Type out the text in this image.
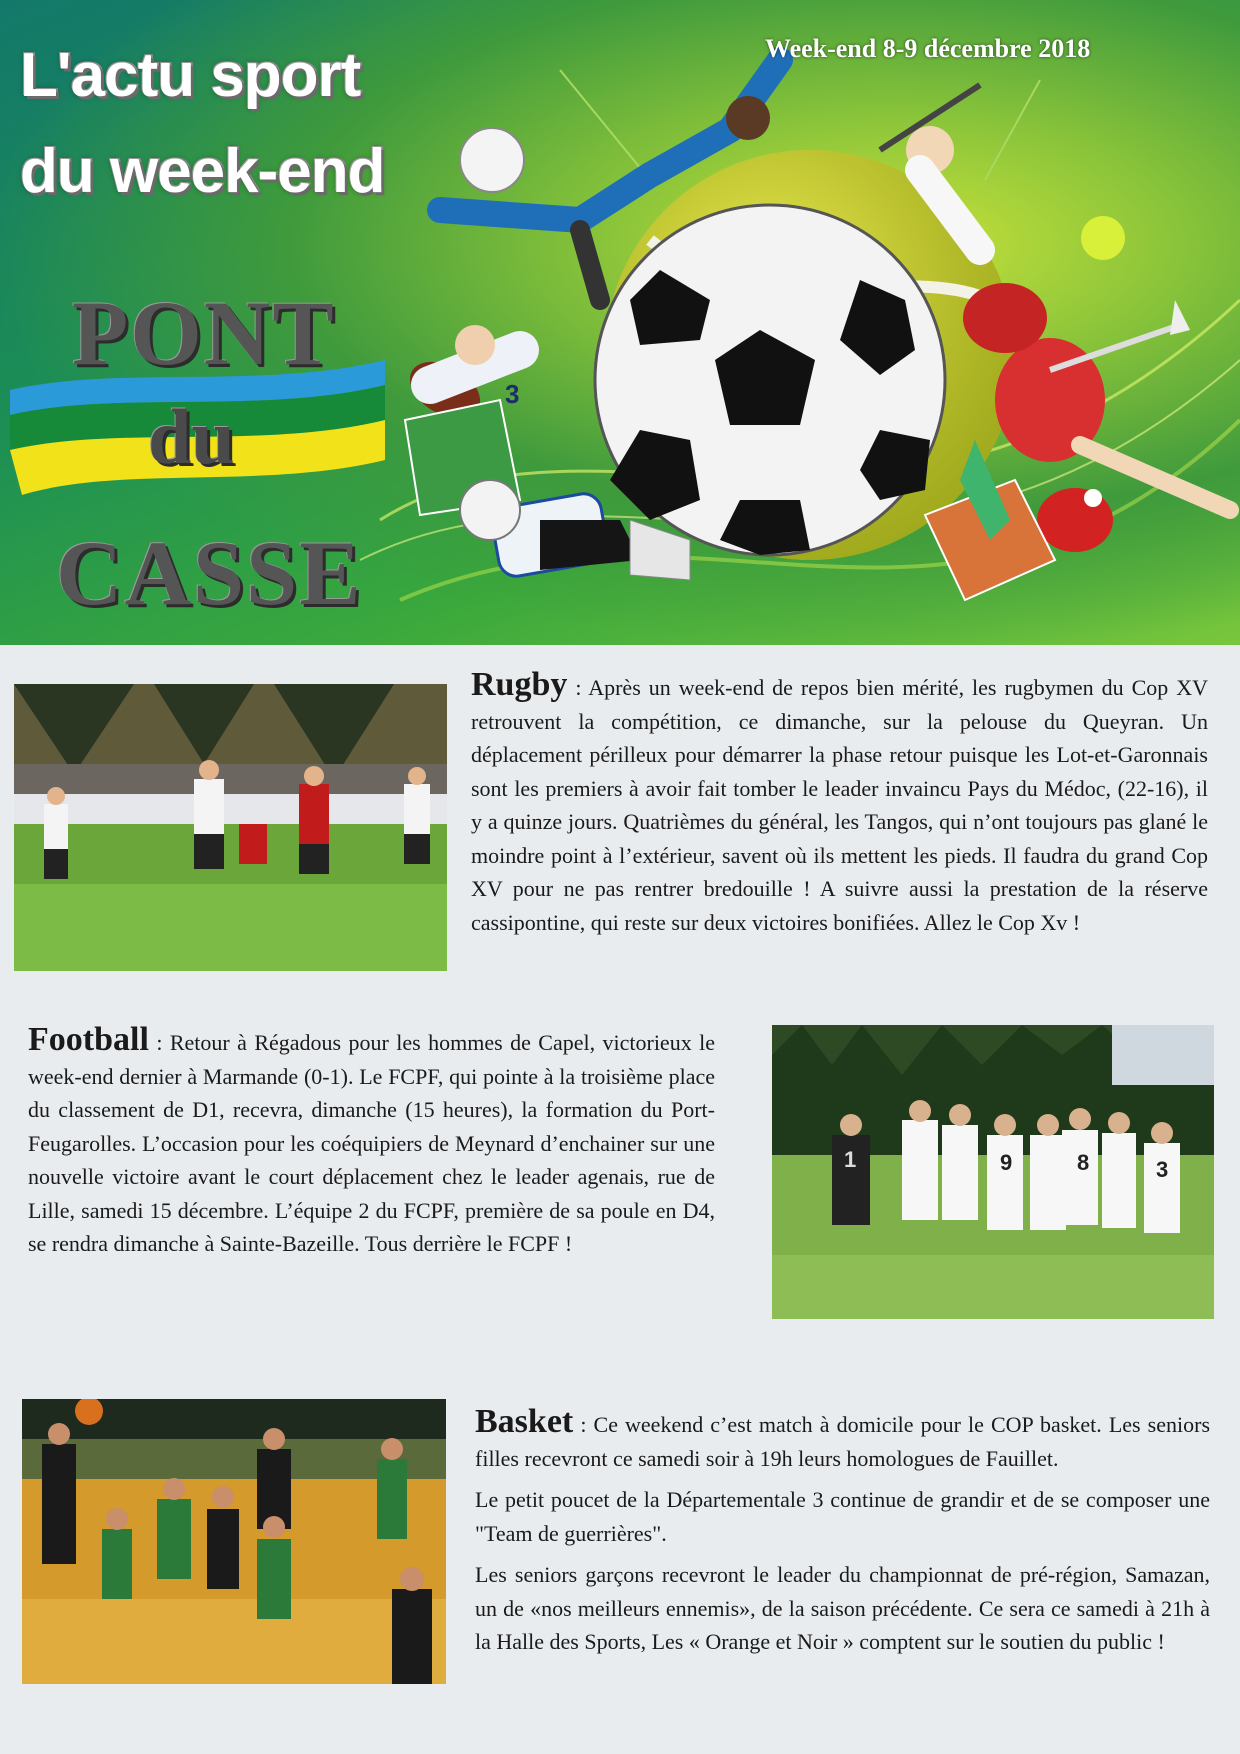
3
L'actu sport
du week-end
Week-end 8-9 décembre 2018
PONT
du
CASSE

Rugby : Après un week-end de repos bien mérité, les rugbymen du Cop XV retrouvent la compétition, ce dimanche, sur la pelouse du Queyran. Un déplacement périlleux pour démarrer la phase retour puisque les Lot-et-Garonnais sont les premiers à avoir fait tomber le leader invaincu Pays du Médoc, (22-16), il y a quinze jours. Quatrièmes du général, les Tangos, qui n’ont toujours pas glané le moindre point à l’extérieur, savent où ils mettent les pieds. Il faudra du grand Cop XV pour ne pas rentrer bredouille ! A suivre aussi la prestation de la réserve cassipontine, qui reste sur deux victoires bonifiées. Allez le Cop Xv !

Football : Retour à Régadous pour les hommes de Capel, victorieux le week-end dernier à Marmande (0-1). Le FCPF, qui pointe à la troisième place du classement de D1, recevra, dimanche (15 heures), la formation du Port-Feugarolles. L’occasion pour les coéquipiers de Meynard d’enchainer sur une nouvelle victoire avant le court déplacement chez le leader agenais, rue de Lille, samedi 15 décembre. L’équipe 2 du FCPF, première de sa poule en D4, se rendra dimanche à Sainte-Bazeille. Tous derrière le FCPF !

1	9	8	3

Basket : Ce weekend c’est match à domicile pour le COP basket. Les seniors filles recevront ce samedi soir à 19h leurs homologues de Fauillet.

Le petit poucet de la Départementale 3 continue de grandir et de se composer une "Team de guerrières".

Les seniors garçons recevront le leader du championnat de pré-région, Samazan, un de «nos meilleurs ennemis», de la saison précédente. Ce sera ce samedi à 21h à la Halle des Sports, Les « Orange et Noir » comptent sur le soutien du public !
